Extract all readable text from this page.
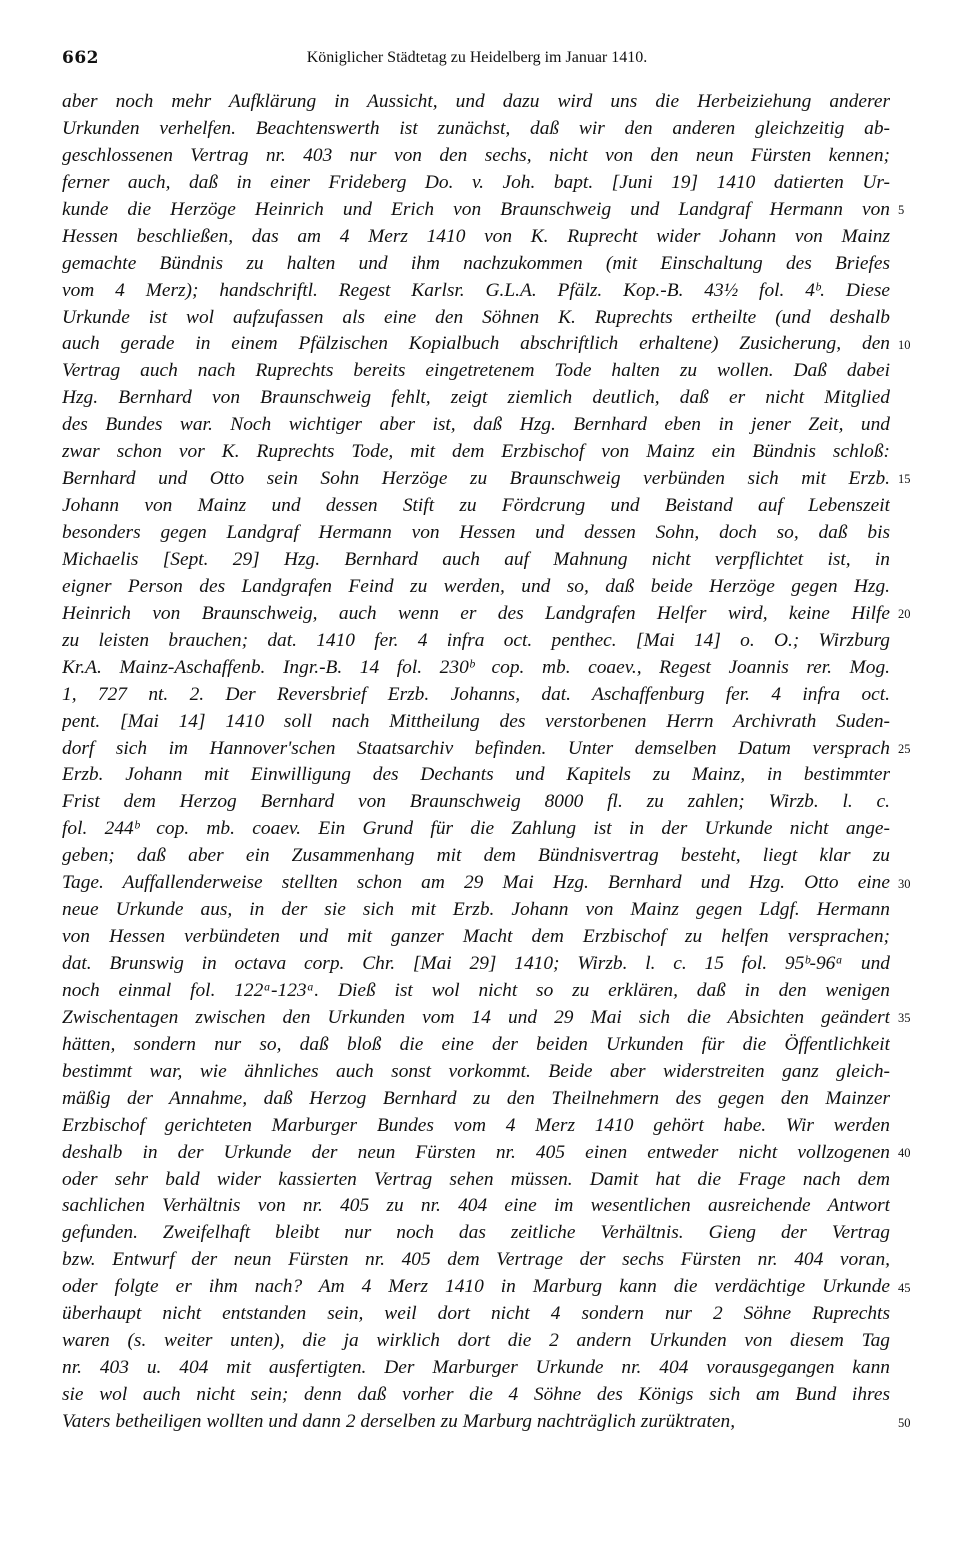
662	Königlicher Städtetag zu Heidelberg im Januar 1410.
aber noch mehr Aufklärung in Aussicht, und dazu wird uns die Herbeiziehung anderer
Urkunden verhelfen. Beachtenswerth ist zunächst, daß wir den anderen gleichzeitig ab-
geschlossenen Vertrag nr. 403 nur von den sechs, nicht von den neun Fürsten kennen;
ferner auch, daß in einer Frideberg Do. v. Joh. bapt. [Juni 19] 1410 datierten Ur-
kunde die Herzöge Heinrich und Erich von Braunschweig und Landgraf Hermann von
Hessen beschließen, das am 4 Merz 1410 von K. Ruprecht wider Johann von Mainz
gemachte Bündnis zu halten und ihm nachzukommen (mit Einschaltung des Briefes
vom 4 Merz); handschriftl. Regest Karlsr. G.L.A. Pfälz. Kop.-B. 43½ fol. 4ᵇ. Diese
Urkunde ist wol aufzufassen als eine den Söhnen K. Ruprechts ertheilte (und deshalb
auch gerade in einem Pfälzischen Kopialbuch abschriftlich erhaltene) Zusicherung, den
Vertrag auch nach Ruprechts bereits eingetretenem Tode halten zu wollen. Daß dabei
Hzg. Bernhard von Braunschweig fehlt, zeigt ziemlich deutlich, daß er nicht Mitglied
des Bundes war. Noch wichtiger aber ist, daß Hzg. Bernhard eben in jener Zeit, und
zwar schon vor K. Ruprechts Tode, mit dem Erzbischof von Mainz ein Bündnis schloß:
Bernhard und Otto sein Sohn Herzöge zu Braunschweig verbünden sich mit Erzb.
Johann von Mainz und dessen Stift zu Fördcrung und Beistand auf Lebenszeit
besonders gegen Landgraf Hermann von Hessen und dessen Sohn, doch so, daß bis
Michaelis [Sept. 29] Hzg. Bernhard auch auf Mahnung nicht verpflichtet ist, in
eigner Person des Landgrafen Feind zu werden, und so, daß beide Herzöge gegen Hzg.
Heinrich von Braunschweig, auch wenn er des Landgrafen Helfer wird, keine Hilfe
zu leisten brauchen; dat. 1410 fer. 4 infra oct. penthec. [Mai 14] o. O.; Wirzburg
Kr.A. Mainz-Aschaffenb. Ingr.-B. 14 fol. 230ᵇ cop. mb. coaev., Regest Joannis rer. Mog.
1, 727 nt. 2. Der Reversbrief Erzb. Johanns, dat. Aschaffenburg fer. 4 infra oct.
pent. [Mai 14] 1410 soll nach Mittheilung des verstorbenen Herrn Archivrath Suden-
dorf sich im Hannover'schen Staatsarchiv befinden. Unter demselben Datum versprach
Erzb. Johann mit Einwilligung des Dechants und Kapitels zu Mainz, in bestimmter
Frist dem Herzog Bernhard von Braunschweig 8000 fl. zu zahlen; Wirzb. l. c.
fol. 244ᵇ cop. mb. coaev. Ein Grund für die Zahlung ist in der Urkunde nicht ange-
geben; daß aber ein Zusammenhang mit dem Bündnisvertrag besteht, liegt klar zu
Tage. Auffallenderweise stellten schon am 29 Mai Hzg. Bernhard und Hzg. Otto eine
neue Urkunde aus, in der sie sich mit Erzb. Johann von Mainz gegen Ldgf. Hermann
von Hessen verbündeten und mit ganzer Macht dem Erzbischof zu helfen versprachen;
dat. Brunswig in octava corp. Chr. [Mai 29] 1410; Wirzb. l. c. 15 fol. 95ᵇ-96ᵃ und
noch einmal fol. 122ᵃ-123ᵃ. Dieß ist wol nicht so zu erklären, daß in den wenigen
Zwischentagen zwischen den Urkunden vom 14 und 29 Mai sich die Absichten geändert
hätten, sondern nur so, daß bloß die eine der beiden Urkunden für die Öffentlichkeit
bestimmt war, wie ähnliches auch sonst vorkommt. Beide aber widerstreiten ganz gleich-
mäßig der Annahme, daß Herzog Bernhard zu den Theilnehmern des gegen den Mainzer
Erzbischof gerichteten Marburger Bundes vom 4 Merz 1410 gehört habe. Wir werden
deshalb in der Urkunde der neun Fürsten nr. 405 einen entweder nicht vollzogenen
oder sehr bald wider kassierten Vertrag sehen müssen. Damit hat die Frage nach dem
sachlichen Verhältnis von nr. 405 zu nr. 404 eine im wesentlichen ausreichende Antwort
gefunden. Zweifelhaft bleibt nur noch das zeitliche Verhältnis. Gieng der Vertrag
bzw. Entwurf der neun Fürsten nr. 405 dem Vertrage der sechs Fürsten nr. 404 voran,
oder folgte er ihm nach? Am 4 Merz 1410 in Marburg kann die verdächtige Urkunde
überhaupt nicht entstanden sein, weil dort nicht 4 sondern nur 2 Söhne Ruprechts
waren (s. weiter unten), die ja wirklich dort die 2 andern Urkunden von diesem Tag
nr. 403 u. 404 mit ausfertigten. Der Marburger Urkunde nr. 404 vorausgegangen kann
sie wol auch nicht sein; denn daß vorher die 4 Söhne des Königs sich am Bund ihres
Vaters betheiligen wollten und dann 2 derselben zu Marburg nachträglich zurüktraten,
5
10
15
20
25
30
35
40
45
50
